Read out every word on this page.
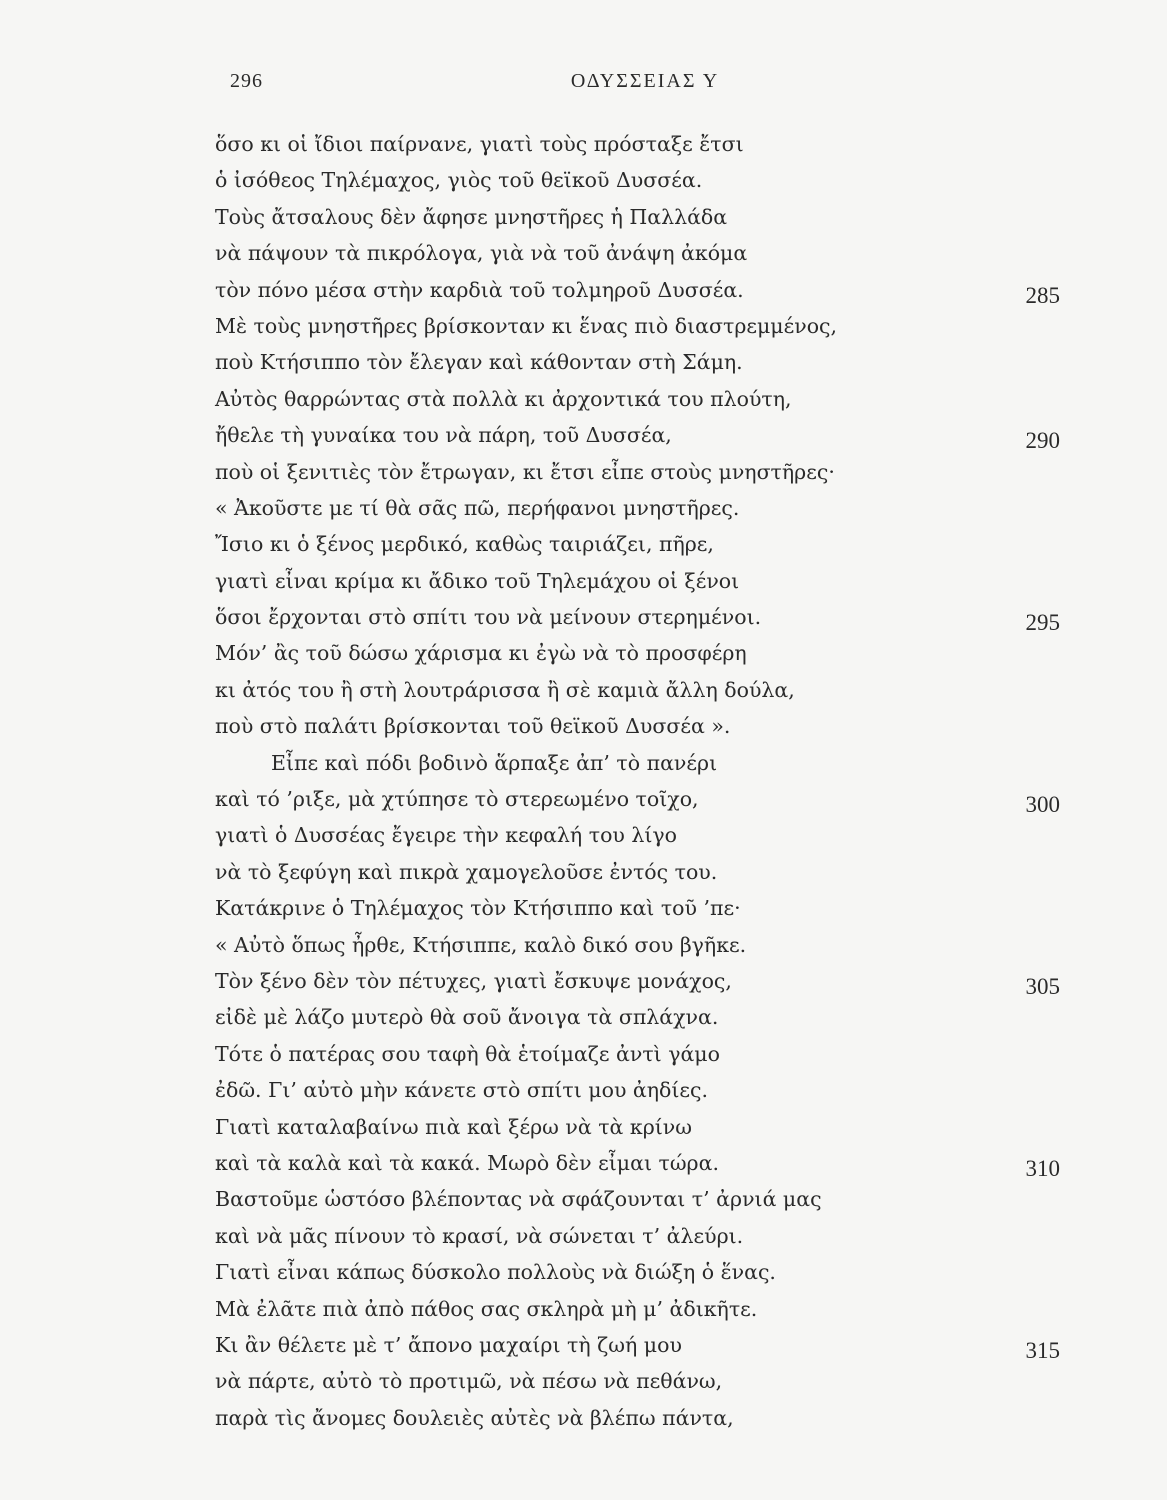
296	ΟΔΥΣΣΕΙΑΣ Υ
ὅσο κι οἱ ἴδιοι παίρνανε, γιατὶ τοὺς πρόσταξε ἔτσι
ὁ ἰσόθεος Τηλέμαχος, γιὸς τοῦ θεϊκοῦ Δυσσέα.
Τοὺς ἄτσαλους δὲν ἄφησε μνηστῆρες ἡ Παλλάδα
νὰ πάψουν τὰ πικρόλογα, γιὰ νὰ τοῦ ἀνάψη ἀκόμα
τὸν πόνο μέσα στὴν καρδιὰ τοῦ τολμηροῦ Δυσσέα.	285
Μὲ τοὺς μνηστῆρες βρίσκονταν κι ἕνας πιὸ διαστρεμμένος,
ποὺ Κτήσιππο τὸν ἔλεγαν καὶ κάθονταν στὴ Σάμη.
Αὐτὸς θαρρώντας στὰ πολλὰ κι ἀρχοντικά του πλούτη,
ἤθελε τὴ γυναίκα του νὰ πάρη, τοῦ Δυσσέα,	290
ποὺ οἱ ξενιτιὲς τὸν ἔτρωγαν, κι ἔτσι εἶπε στοὺς μνηστῆρες·
« Ἀκοῦστε με τί θὰ σᾶς πῶ, περήφανοι μνηστῆρες.
Ἴσιο κι ὁ ξένος μερδικό, καθὼς ταιριάζει, πῆρε,
γιατὶ εἶναι κρίμα κι ἄδικο τοῦ Τηλεμάχου οἱ ξένοι
ὅσοι ἔρχονται στὸ σπίτι του νὰ μείνουν στερημένοι.	295
Μόν’ ἂς τοῦ δώσω χάρισμα κι ἐγὼ νὰ τὸ προσφέρη
κι ἀτός του ἢ στὴ λουτράρισσα ἢ σὲ καμιὰ ἄλλη δούλα,
ποὺ στὸ παλάτι βρίσκονται τοῦ θεϊκοῦ Δυσσέα ».
Εἶπε καὶ πόδι βοδινὸ ἅρπαξε ἀπ’ τὸ πανέρι
καὶ τό ’ριξε, μὰ χτύπησε τὸ στερεωμένο τοῖχο,	300
γιατὶ ὁ Δυσσέας ἔγειρε τὴν κεφαλή του λίγο
νὰ τὸ ξεφύγη καὶ πικρὰ χαμογελοῦσε ἐντός του.
Κατάκρινε ὁ Τηλέμαχος τὸν Κτήσιππο καὶ τοῦ ’πε·
« Αὐτὸ ὅπως ἦρθε, Κτήσιππε, καλὸ δικό σου βγῆκε.
Τὸν ξένο δὲν τὸν πέτυχες, γιατὶ ἔσκυψε μονάχος,	305
εἰδὲ μὲ λάζο μυτερὸ θὰ σοῦ ἄνοιγα τὰ σπλάχνα.
Τότε ὁ πατέρας σου ταφὴ θὰ ἑτοίμαζε ἀντὶ γάμο
ἐδῶ. Γι’ αὐτὸ μὴν κάνετε στὸ σπίτι μου ἀηδίες.
Γιατὶ καταλαβαίνω πιὰ καὶ ξέρω νὰ τὰ κρίνω
καὶ τὰ καλὰ καὶ τὰ κακά. Μωρὸ δὲν εἶμαι τώρα.	310
Βαστοῦμε ὡστόσο βλέποντας νὰ σφάζουνται τ’ ἀρνιά μας
καὶ νὰ μᾶς πίνουν τὸ κρασί, νὰ σώνεται τ’ ἀλεύρι.
Γιατὶ εἶναι κάπως δύσκολο πολλοὺς νὰ διώξη ὁ ἕνας.
Μὰ ἐλᾶτε πιὰ ἀπὸ πάθος σας σκληρὰ μὴ μ’ ἀδικῆτε.
Κι ἂν θέλετε μὲ τ’ ἄπονο μαχαίρι τὴ ζωή μου	315
νὰ πάρτε, αὐτὸ τὸ προτιμῶ, νὰ πέσω νὰ πεθάνω,
παρὰ τὶς ἄνομες δουλειὲς αὐτὲς νὰ βλέπω πάντα,
